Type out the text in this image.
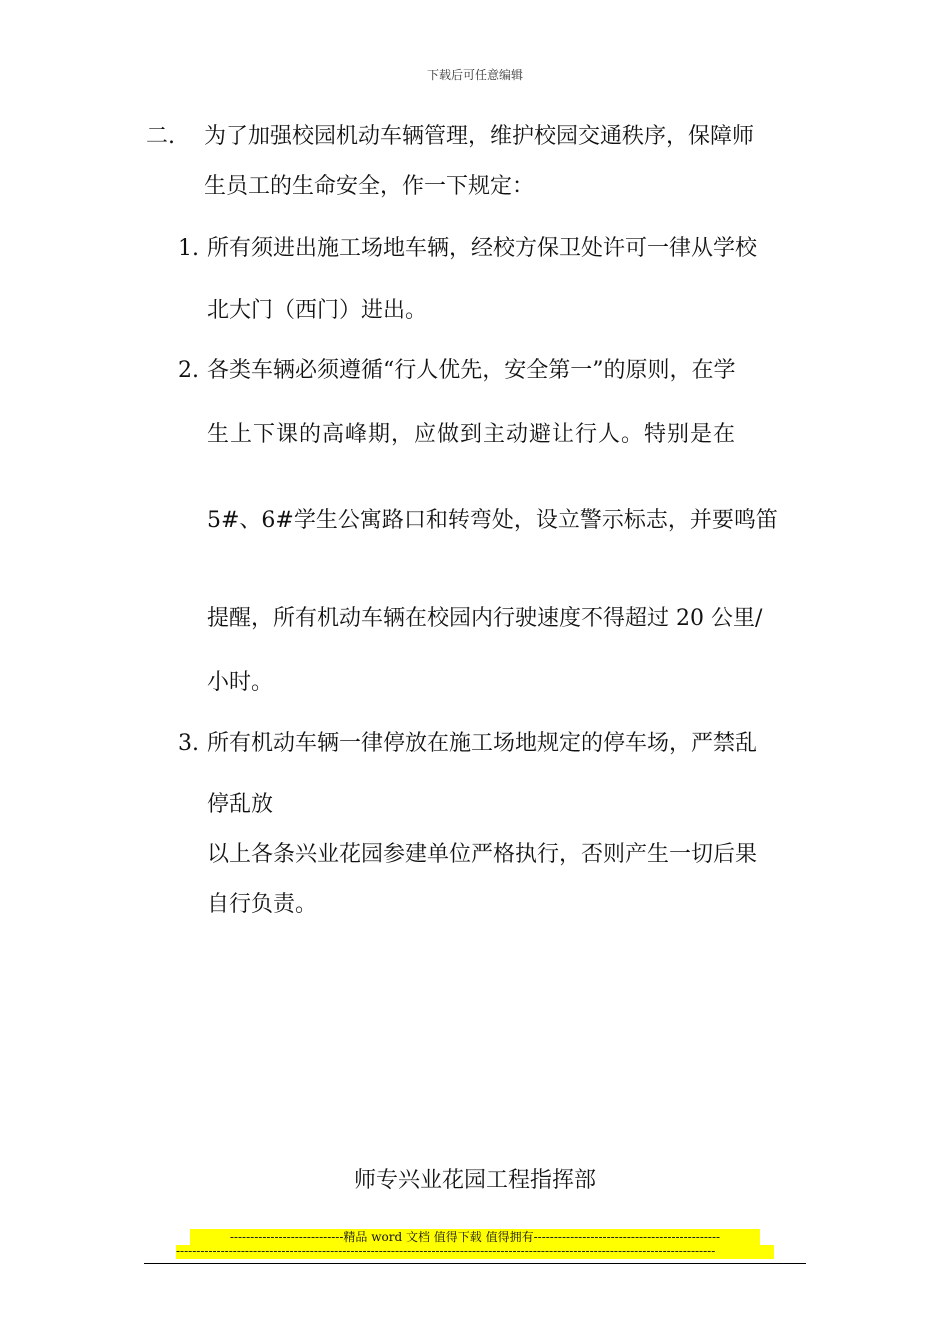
下载后可任意编辑
二. 为了加强校园机动车辆管理，维护校园交通秩序，保障师
生员工的生命安全，作一下规定：
1. 所有须进出施工场地车辆，经校方保卫处许可一律从学校
北大门（西门）进出。
2. 各类车辆必须遵循“行人优先，安全第一”的原则，在学
生上下课的高峰期，应做到主动避让行人。特别是在
5#、6#学生公寓路口和转弯处，设立警示标志，并要鸣笛
提醒，所有机动车辆在校园内行驶速度不得超过 20 公里/
小时。
3. 所有机动车辆一律停放在施工场地规定的停车场，严禁乱
停乱放
以上各条兴业花园参建单位严格执行，否则产生一切后果
自行负责。
师专兴业花园工程指挥部
----------------------------精品 word 文档 值得下载 值得拥有----------------------------------------------
-------------------------------------------------------------------------------------------------------------------------------------
